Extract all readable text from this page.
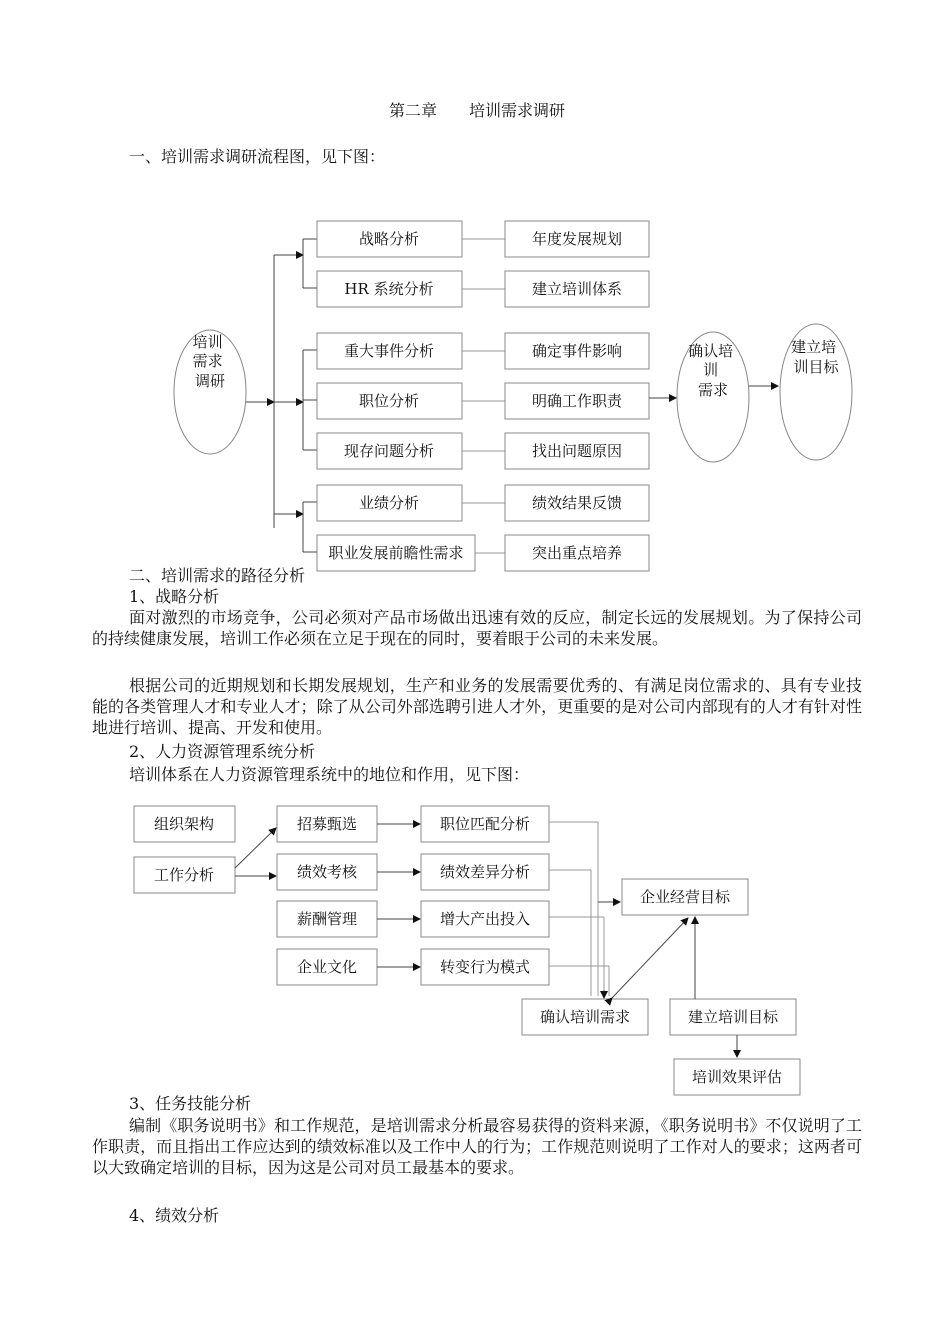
第二章　　培训需求调研
一、培训需求调研流程图，见下图：
培训 需求 调研
战略分析
HR 系统分析
重大事件分析
职位分析
现存问题分析
业绩分析
职业发展前瞻性需求
年度发展规划
建立培训体系
确定事件影响
明确工作职责
找出问题原因
绩效结果反馈
突出重点培养
确认培 训 需求
建立培 训目标
二、培训需求的路径分析
1、战略分析
面对激烈的市场竞争，公司必须对产品市场做出迅速有效的反应，制定长远的发展规划。为了保持公司的持续健康发展，培训工作必须在立足于现在的同时，要着眼于公司的未来发展。
根据公司的近期规划和长期发展规划，生产和业务的发展需要优秀的、有满足岗位需求的、具有专业技能的各类管理人才和专业人才；除了从公司外部选聘引进人才外，更重要的是对公司内部现有的人才有针对性地进行培训、提高、开发和使用。
2、人力资源管理系统分析
培训体系在人力资源管理系统中的地位和作用，见下图：
组织架构
工作分析
招募甄选
绩效考核
薪酬管理
企业文化
职位匹配分析
绩效差异分析
增大产出投入
转变行为模式
企业经营目标
确认培训需求	建立培训目标
培训效果评估
3、任务技能分析
编制《职务说明书》和工作规范，是培训需求分析最容易获得的资料来源，《职务说明书》不仅说明了工作职责，而且指出工作应达到的绩效标准以及工作中人的行为；工作规范则说明了工作对人的要求；这两者可以大致确定培训的目标，因为这是公司对员工最基本的要求。
4、绩效分析
